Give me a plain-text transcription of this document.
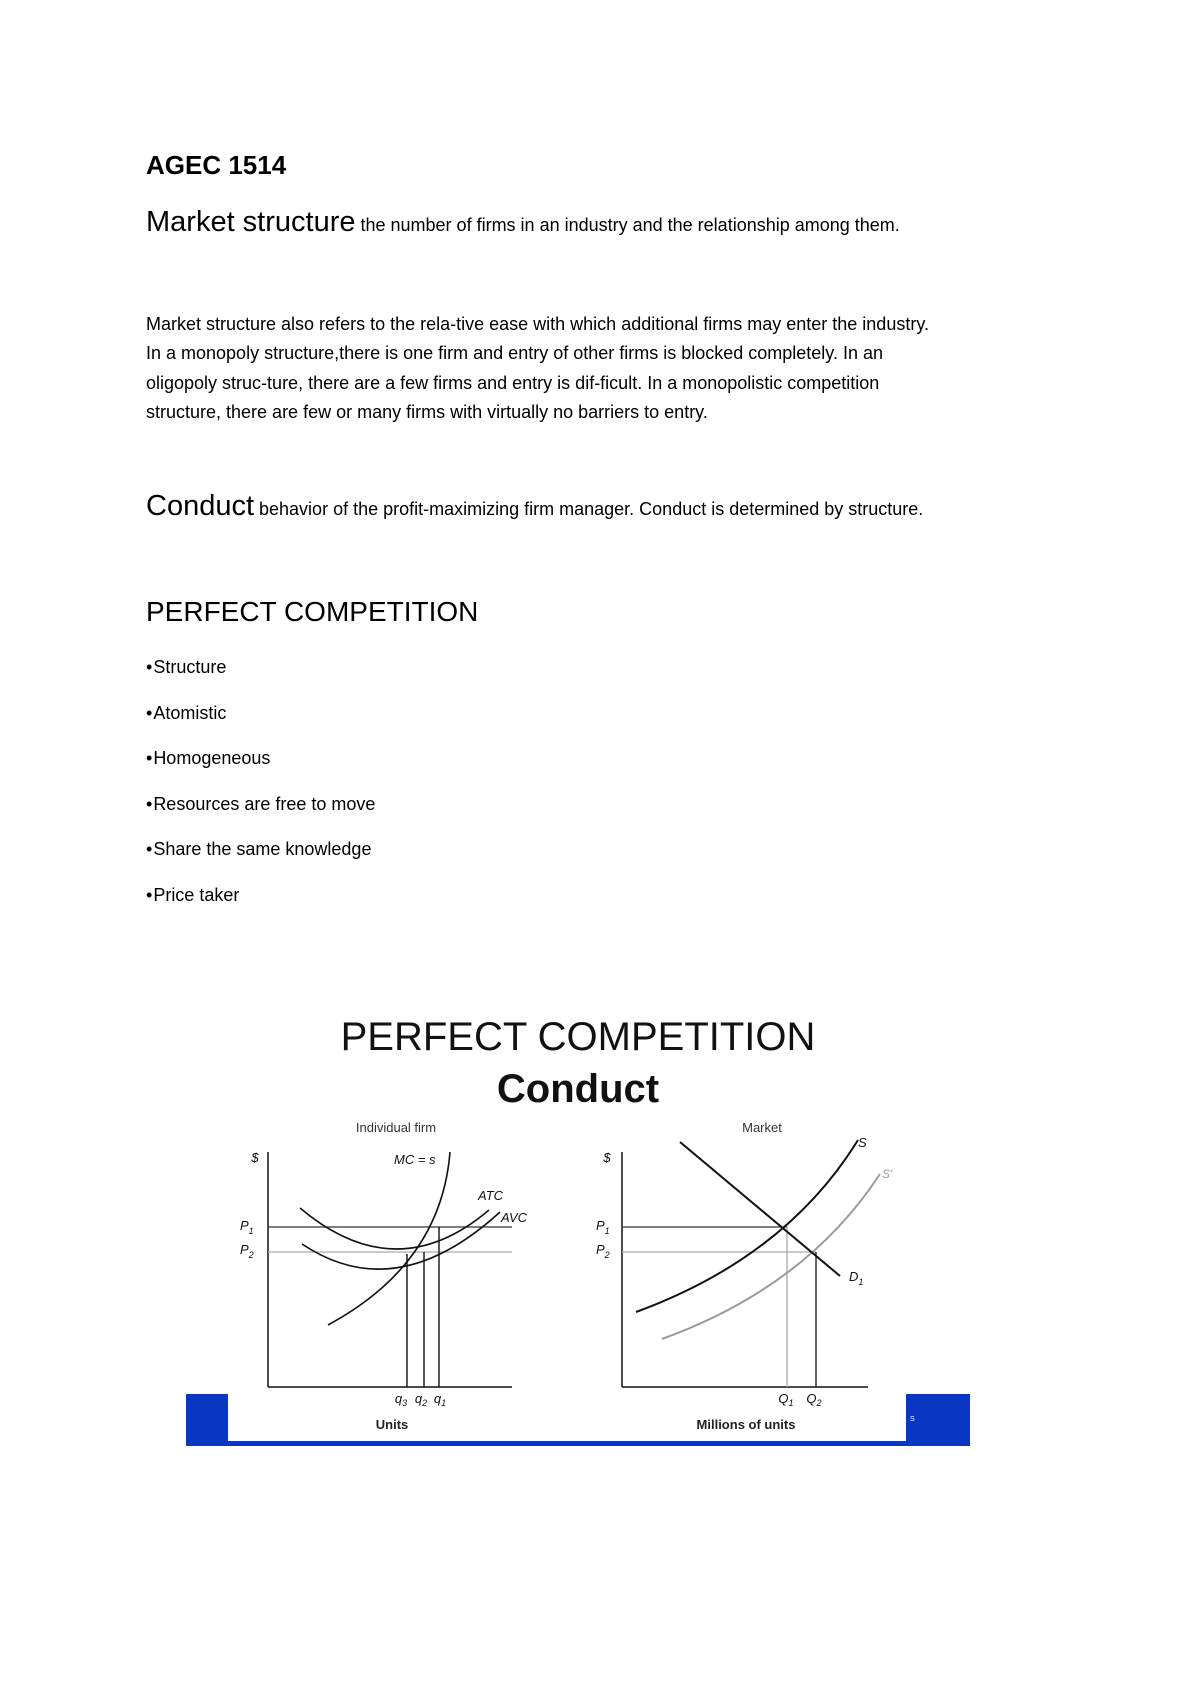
AGEC 1514
Market structure the number of firms in an industry and the relationship among them.

Market structure also refers to the rela-tive ease with which additional firms may enter the industry.

In a monopoly structure,there is one firm and entry of other firms is blocked completely. In an

oligopoly struc-ture, there are a few firms and entry is dif-ficult. In a monopolistic competition

structure, there are few or many firms with virtually no barriers to entry.

Conduct behavior of the profit-maximizing firm manager. Conduct is determined by structure.
PERFECT COMPETITION
•Structure
•Atomistic
•Homogeneous
•Resources are free to move
•Share the same knowledge
•Price taker
S
PERFECT COMPETITION
Conduct
Individual firm
$	MC = s
ATC
AVC
$P_1$
$P_2$
$q_3$ $q_2$ $q_1$
Units
Market
$
S
S'
$D_1$
$P_1$
$P_2$
$Q_1$ $Q_2$
Millions of units
